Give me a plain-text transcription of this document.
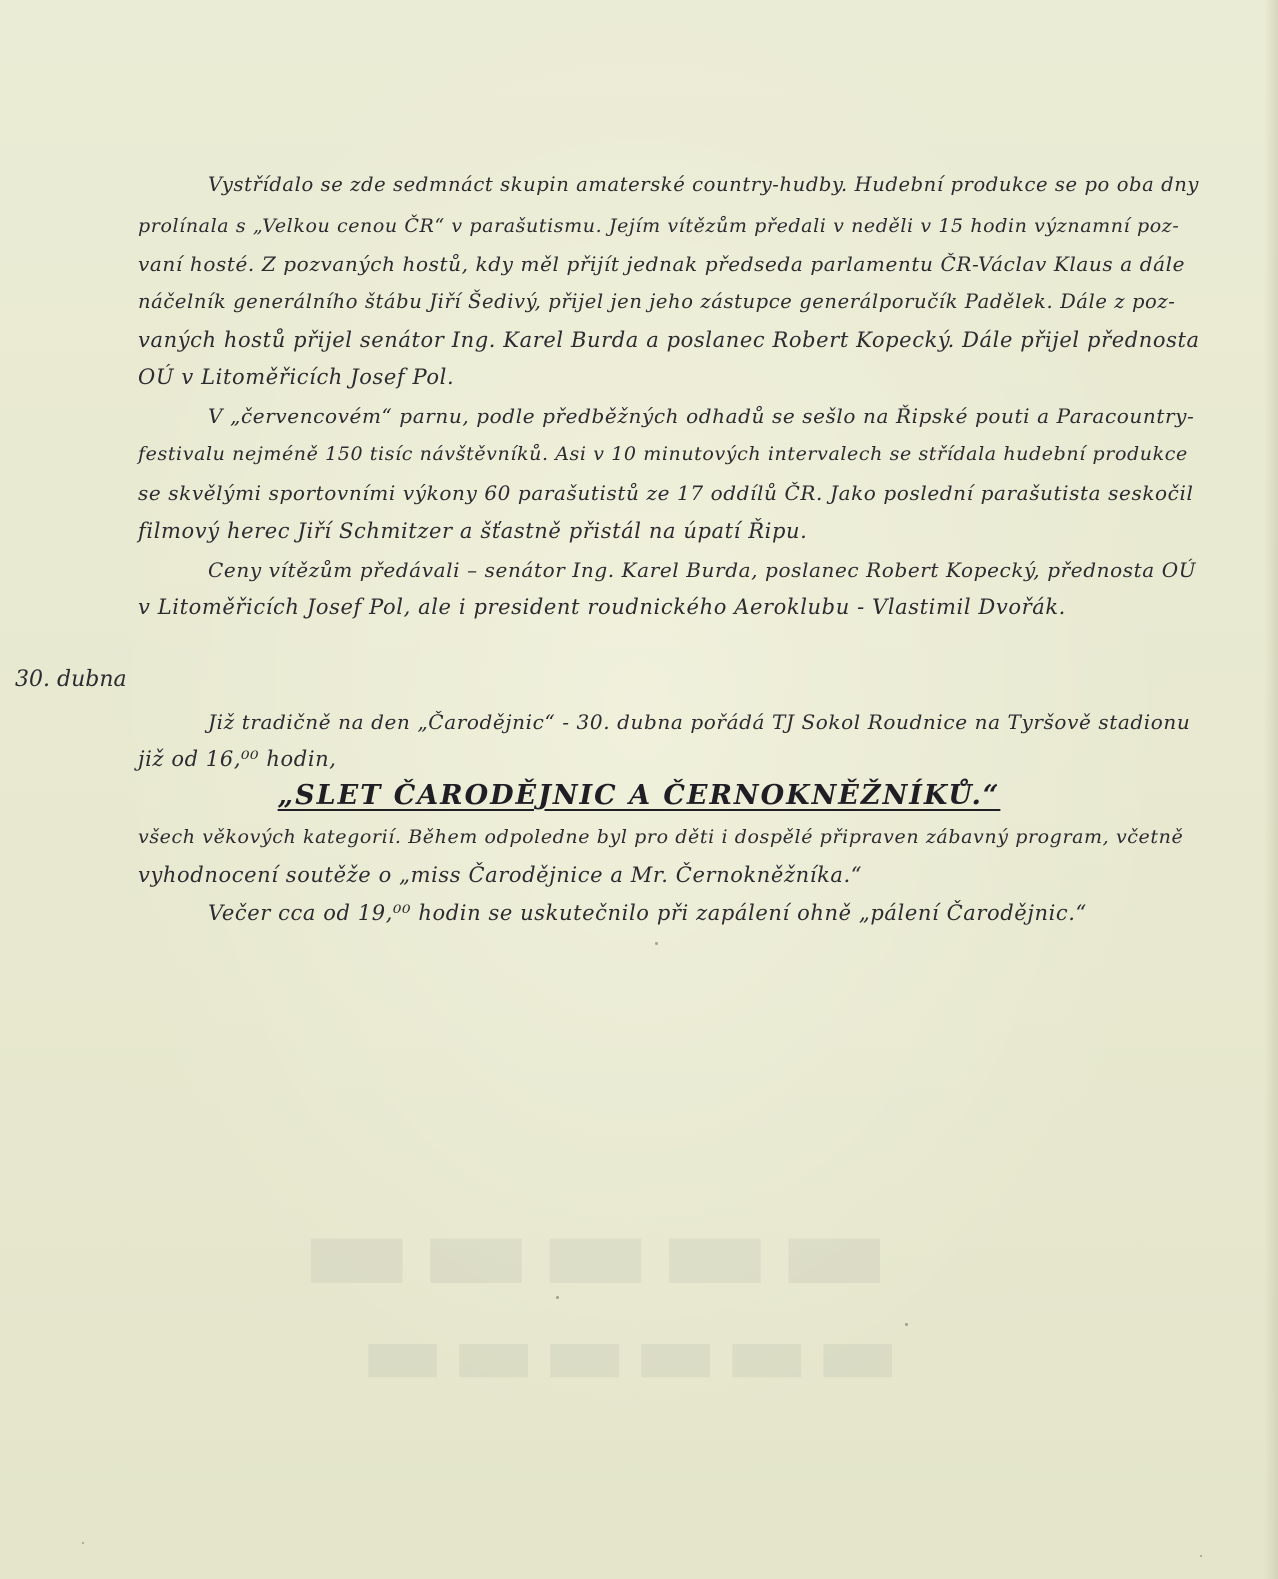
▬▬▬▬▬
▬▬▬▬▬▬
Vystřídalo se zde sedmnáct skupin amaterské country-hudby. Hudební produkce se po oba dny
prolínala s „Velkou cenou ČR“ v parašutismu. Jejím vítězům předali v neděli v 15 hodin významní poz-
vaní hosté. Z pozvaných hostů, kdy měl přijít jednak předseda parlamentu ČR-Václav Klaus a dále
náčelník generálního štábu Jiří Šedivý, přijel jen jeho zástupce generálporučík Padělek. Dále z poz-
vaných hostů přijel senátor Ing. Karel Burda a poslanec Robert Kopecký. Dále přijel přednosta
OÚ v Litoměřicích Josef Pol.
V „červencovém“ parnu, podle předběžných odhadů se sešlo na Řipské pouti a Paracountry-
festivalu nejméně 150 tisíc návštěvníků. Asi v 10 minutových intervalech se střídala hudební produkce
se skvělými sportovními výkony 60 parašutistů ze 17 oddílů ČR. Jako poslední parašutista seskočil
filmový herec Jiří Schmitzer a šťastně přistál na úpatí Řipu.
Ceny vítězům předávali – senátor Ing. Karel Burda, poslanec Robert Kopecký, přednosta OÚ
v Litoměřicích Josef Pol, ale i president roudnického Aeroklubu - Vlastimil Dvořák.
30. dubna
Již tradičně na den „Čarodějnic“ - 30. dubna pořádá TJ Sokol Roudnice na Tyršově stadionu
již od 16,⁰⁰ hodin,
„SLET ČARODĚJNIC A ČERNOKNĚŽNÍKŮ.“
všech věkových kategorií. Během odpoledne byl pro děti i dospělé připraven zábavný program, včetně
vyhodnocení soutěže o „miss Čarodějnice a Mr. Černokněžníka.“
Večer cca od 19,⁰⁰ hodin se uskutečnilo při zapálení ohně „pálení Čarodějnic.“
